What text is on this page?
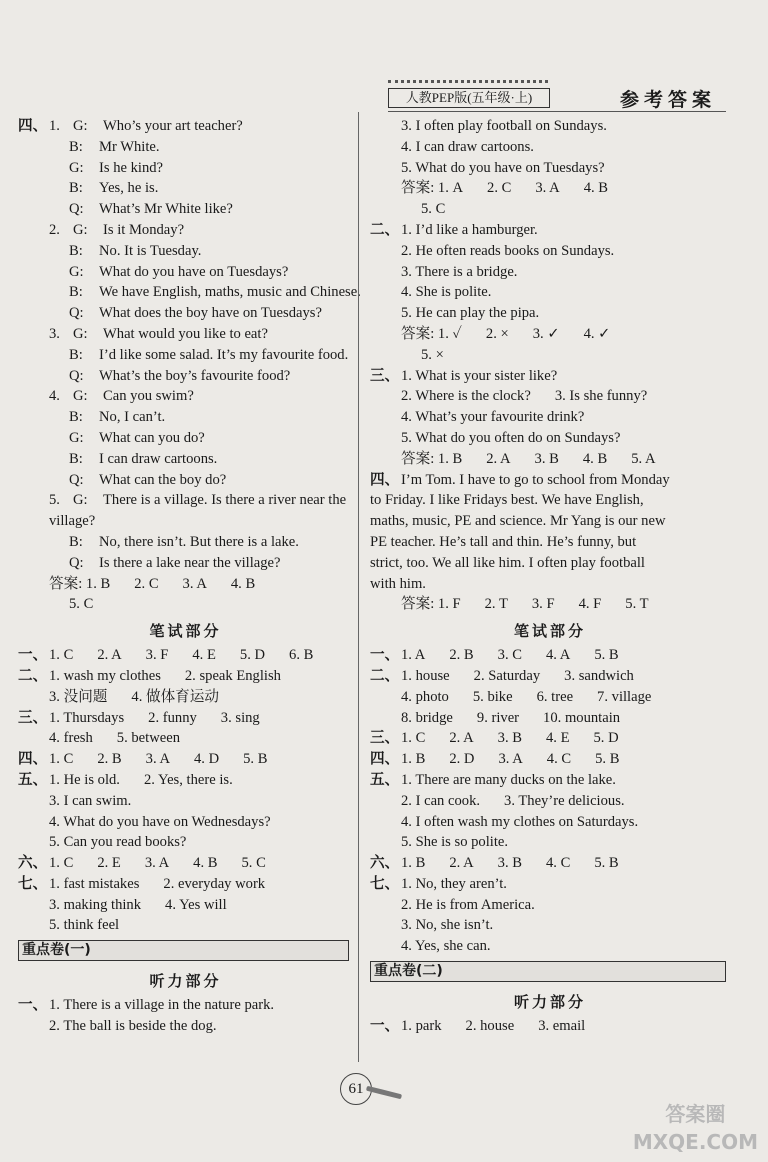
人教PEP版(五年级·上)	参考答案
四、 1. G: Who’s your art teacher?
B: Mr White.
G: Is he kind?
B: Yes, he is.
Q: What’s Mr White like?
2. G: Is it Monday?
B: No. It is Tuesday.
G: What do you have on Tuesdays?
B: We have English, maths, music and Chinese.
Q: What does the boy have on Tuesdays?
3. G: What would you like to eat?
B: I’d like some salad. It’s my favourite food.
Q: What’s the boy’s favourite food?
4. G: Can you swim?
B: No, I can’t.
G: What can you do?
B: I can draw cartoons.
Q: What can the boy do?
5. G: There is a village. Is there a river near the
village?
B: No, there isn’t. But there is a lake.
Q: Is there a lake near the village?
答案: 1. B 2. C 3. A 4. B
5. C
笔试部分
一、 1. C 2. A 3. F 4. E 5. D 6. B
二、 1. wash my clothes 2. speak English
3. 没问题 4. 做体育运动
三、 1. Thursdays 2. funny 3. sing
4. fresh 5. between
四、 1. C 2. B 3. A 4. D 5. B
五、 1. He is old. 2. Yes, there is.
3. I can swim.
4. What do you have on Wednesdays?
5. Can you read books?
六、 1. C 2. E 3. A 4. B 5. C
七、 1. fast mistakes 2. everyday work
3. making think 4. Yes will
5. think feel
重点卷(一)
听力部分
一、 1. There is a village in the nature park.
2. The ball is beside the dog.
3. I often play football on Sundays.
4. I can draw cartoons.
5. What do you have on Tuesdays?
答案: 1. A 2. C 3. A 4. B
5. C
二、 1. I’d like a hamburger.
2. He often reads books on Sundays.
3. There is a bridge.
4. She is polite.
5. He can play the pipa.
答案: 1. ✓ 2. × 3. ✓ 4. ✓
5. ×
三、 1. What is your sister like?
2. Where is the clock? 3. Is she funny?
4. What’s your favourite drink?
5. What do you often do on Sundays?
答案: 1. B 2. A 3. B 4. B 5. A
四、 I’m Tom. I have to go to school from Monday
to Friday. I like Fridays best. We have English,
maths, music, PE and science. Mr Yang is our new
PE teacher. He’s tall and thin. He’s funny, but
strict, too. We all like him. I often play football
with him.
答案: 1. F 2. T 3. F 4. F 5. T
笔试部分
一、 1. A 2. B 3. C 4. A 5. B
二、 1. house 2. Saturday 3. sandwich
4. photo 5. bike 6. tree 7. village
8. bridge 9. river 10. mountain
三、 1. C 2. A 3. B 4. E 5. D
四、 1. B 2. D 3. A 4. C 5. B
五、 1. There are many ducks on the lake.
2. I can cook. 3. They’re delicious.
4. I often wash my clothes on Saturdays.
5. She is so polite.
六、 1. B 2. A 3. B 4. C 5. B
七、 1. No, they aren’t.
2. He is from America.
3. No, she isn’t.
4. Yes, she can.
重点卷(二)
听力部分
一、 1. park 2. house 3. email
61
答案圈
MXQE.COM
